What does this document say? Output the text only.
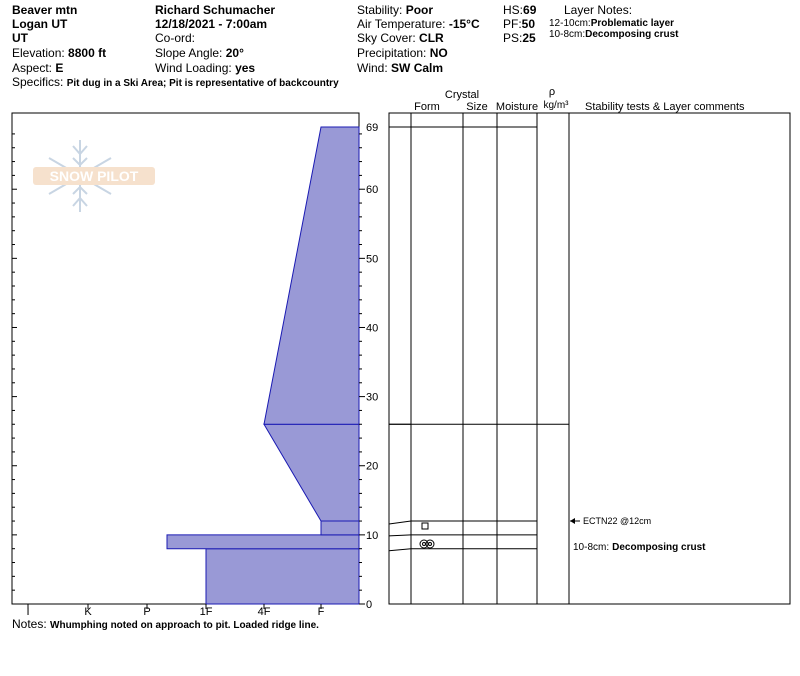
Beaver mtn
Logan UT
UT
Elevation: 8800 ft
Aspect: E
Specifics: Pit dug in a Ski Area; Pit is representative of backcountry
Richard Schumacher
12/18/2021 - 7:00am
Co-ord:
Slope Angle: 20°
Wind Loading: yes
Stability: Poor
Air Temperature: -15°C
Sky Cover: CLR
Precipitation: NO
Wind: SW Calm
HS:69
PF:50
PS:25
Layer Notes:
12-10cm:Problematic layer
10-8cm:Decomposing crust
Crystal
Form Size Moisture
ρ
kg/m³ Stability tests & Layer comments
SNOW PILOT
0
10
20
30
40
50
60
69
I	K	P	1F	4F	F
ECTN22 @12cm
10-8cm: Decomposing crust
Notes: Whumphing noted on approach to pit. Loaded ridge line.
